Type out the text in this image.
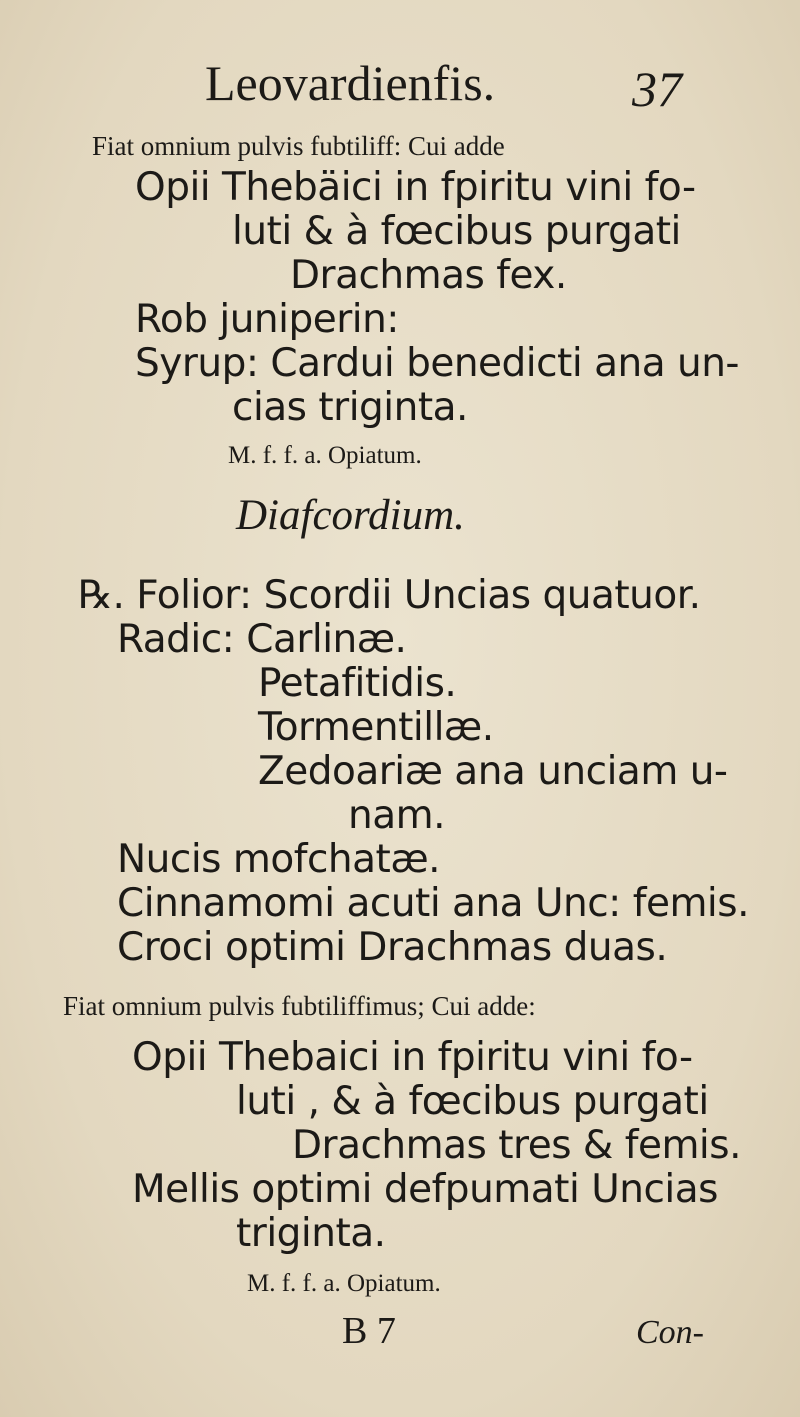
Leovardienfis.	37
Fiat omnium pulvis fubtiliff: Cui adde
Opii Thebäici in fpiritu vini fo-
luti & à fœcibus purgati
Drachmas fex.
Rob juniperin:
Syrup: Cardui benedicti ana un-
cias triginta.
M. f. f. a. Opiatum.
Diafcordium.
℞. Folior: Scordii Uncias quatuor.
Radic: Carlinæ.
Petafitidis.
Tormentillæ.
Zedoariæ ana unciam u-
nam.
Nucis mofchatæ.
Cinnamomi acuti ana Unc: femis.
Croci optimi Drachmas duas.
Fiat omnium pulvis fubtiliffimus; Cui adde:
Opii Thebaici in fpiritu vini fo-
luti , & à fœcibus purgati
Drachmas tres & femis.
Mellis optimi defpumati Uncias
triginta.
M. f. f. a. Opiatum.
B 7	Con-
